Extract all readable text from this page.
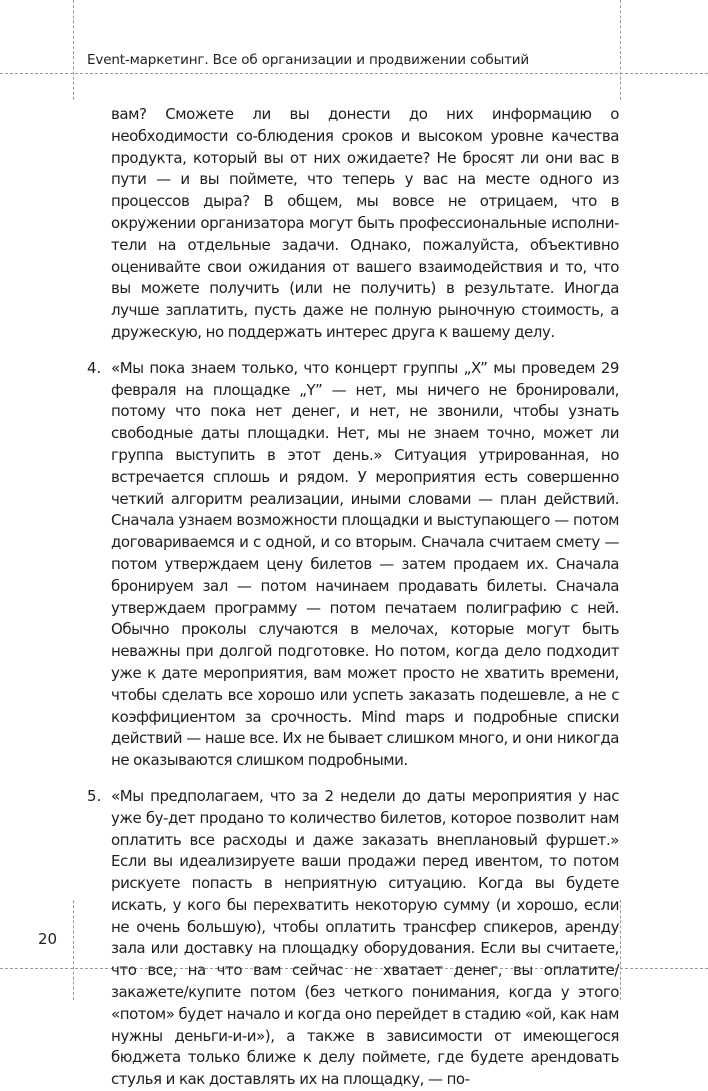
Event-маркетинг. Все об организации и продвижении событий

вам? Сможете ли вы донести до них информацию о необходимости со-блюдения сроков и высоком уровне качества продукта, который вы от них ожидаете? Не бросят ли они вас в пути — и вы поймете, что теперь у вас на месте одного из процессов дыра? В общем, мы вовсе не отрицаем, что в окружении организатора могут быть профессиональные исполни-тели на отдельные задачи. Однако, пожалуйста, объективно оценивайте свои ожидания от вашего взаимодействия и то, что вы можете получить (или не получить) в результате. Иногда лучше заплатить, пусть даже не полную рыночную стоимость, а дружескую, но поддержать интерес друга к вашему делу.

4. «Мы пока знаем только, что концерт группы „X” мы проведем 29 февраля на площадке „Y” — нет, мы ничего не бронировали, потому что пока нет денег, и нет, не звонили, чтобы узнать свободные даты площадки. Нет, мы не знаем точно, может ли группа выступить в этот день.» Ситуация утрированная, но встречается сплошь и рядом. У мероприятия есть совершенно четкий алгоритм реализации, иными словами — план действий. Сначала узнаем возможности площадки и выступающего — потом договариваемся и с одной, и со вторым. Сначала считаем смету — потом утверждаем цену билетов — затем продаем их. Сначала бронируем зал — потом начинаем продавать билеты. Сначала утверждаем программу — потом печатаем полиграфию с ней. Обычно проколы случаются в мелочах, которые могут быть неважны при долгой подготовке. Но потом, когда дело подходит уже к дате мероприятия, вам может просто не хватить времени, чтобы сделать все хорошо или успеть заказать подешевле, а не с коэффициентом за срочность. Mind maps и подробные списки действий — наше все. Их не бывает слишком много, и они никогда не оказываются слишком подробными.

5. «Мы предполагаем, что за 2 недели до даты мероприятия у нас уже бу-дет продано то количество билетов, которое позволит нам оплатить все расходы и даже заказать внеплановый фуршет.» Если вы идеализируете ваши продажи перед ивентом, то потом рискуете попасть в неприятную ситуацию. Когда вы будете искать, у кого бы перехватить некоторую сумму (и хорошо, если не очень большую), чтобы оплатить трансфер спикеров, аренду зала или доставку на площадку оборудования. Если вы считаете, что все, на что вам сейчас не хватает денег, вы оплатите/закажете/купите потом (без четкого понимания, когда у этого «потом» будет начало и когда оно перейдет в стадию «ой, как нам нужны деньги-и-и»), а также в зависимости от имеющегося бюджета только ближе к делу поймете, где будете арендовать стулья и как доставлять их на площадку, — по-

20
